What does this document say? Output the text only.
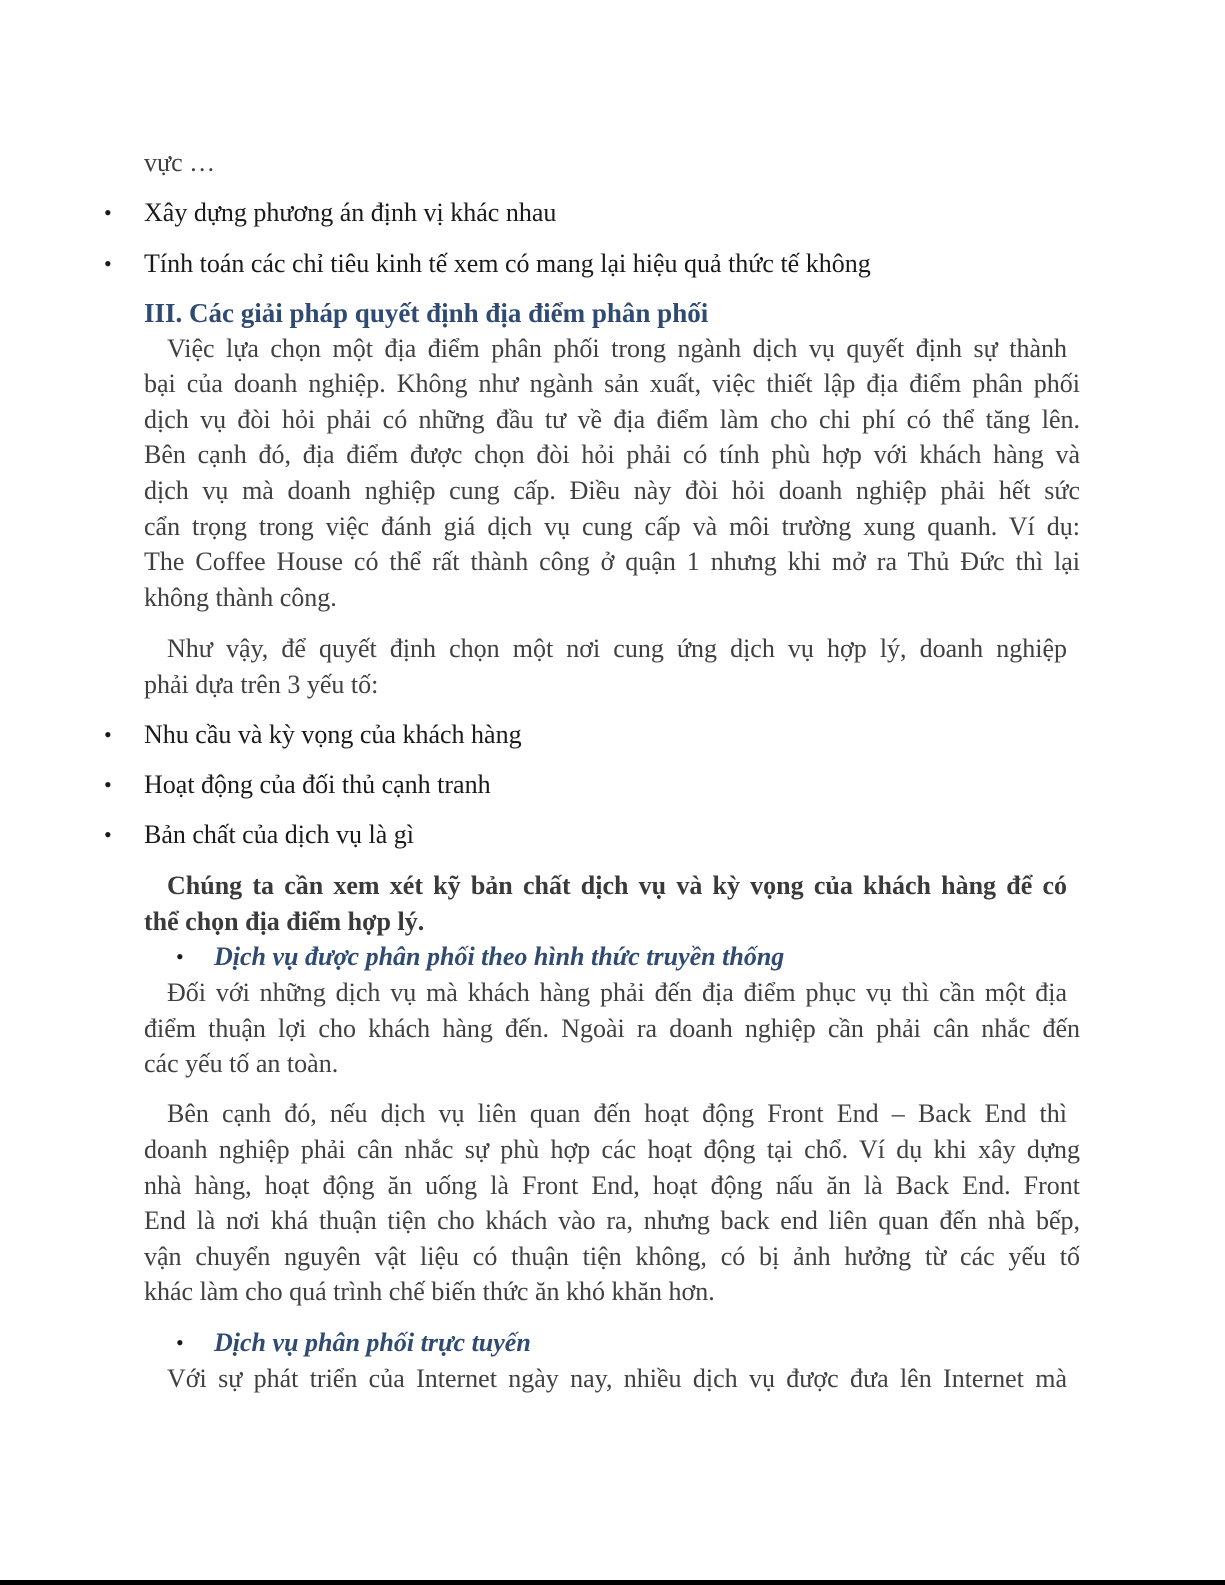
vực …
• Xây dựng phương án định vị khác nhau
• Tính toán các chỉ tiêu kinh tế xem có mang lại hiệu quả thức tế không
III. Các giải pháp quyết định địa điểm phân phối
Việc lựa chọn một địa điểm phân phối trong ngành dịch vụ quyết định sự thành
bại của doanh nghiệp. Không như ngành sản xuất, việc thiết lập địa điểm phân phối
dịch vụ đòi hỏi phải có những đầu tư về địa điểm làm cho chi phí có thể tăng lên.
Bên cạnh đó, địa điểm được chọn đòi hỏi phải có tính phù hợp với khách hàng và
dịch vụ mà doanh nghiệp cung cấp. Điều này đòi hỏi doanh nghiệp phải hết sức
cẩn trọng trong việc đánh giá dịch vụ cung cấp và môi trường xung quanh. Ví dụ:
The Coffee House có thể rất thành công ở quận 1 nhưng khi mở ra Thủ Đức thì lại
không thành công.
Như vậy, để quyết định chọn một nơi cung ứng dịch vụ hợp lý, doanh nghiệp
phải dựa trên 3 yếu tố:
• Nhu cầu và kỳ vọng của khách hàng
• Hoạt động của đối thủ cạnh tranh
• Bản chất của dịch vụ là gì
Chúng ta cần xem xét kỹ bản chất dịch vụ và kỳ vọng của khách hàng để có
thể chọn địa điểm hợp lý.
• Dịch vụ được phân phối theo hình thức truyền thống
Đối với những dịch vụ mà khách hàng phải đến địa điểm phục vụ thì cần một địa
điểm thuận lợi cho khách hàng đến. Ngoài ra doanh nghiệp cần phải cân nhắc đến
các yếu tố an toàn.
Bên cạnh đó, nếu dịch vụ liên quan đến hoạt động Front End – Back End thì
doanh nghiệp phải cân nhắc sự phù hợp các hoạt động tại chổ. Ví dụ khi xây dựng
nhà hàng, hoạt động ăn uống là Front End, hoạt động nấu ăn là Back End. Front
End là nơi khá thuận tiện cho khách vào ra, nhưng back end liên quan đến nhà bếp,
vận chuyển nguyên vật liệu có thuận tiện không, có bị ảnh hưởng từ các yếu tố
khác làm cho quá trình chế biến thức ăn khó khăn hơn.
• Dịch vụ phân phối trực tuyến
Với sự phát triển của Internet ngày nay, nhiều dịch vụ được đưa lên Internet mà
